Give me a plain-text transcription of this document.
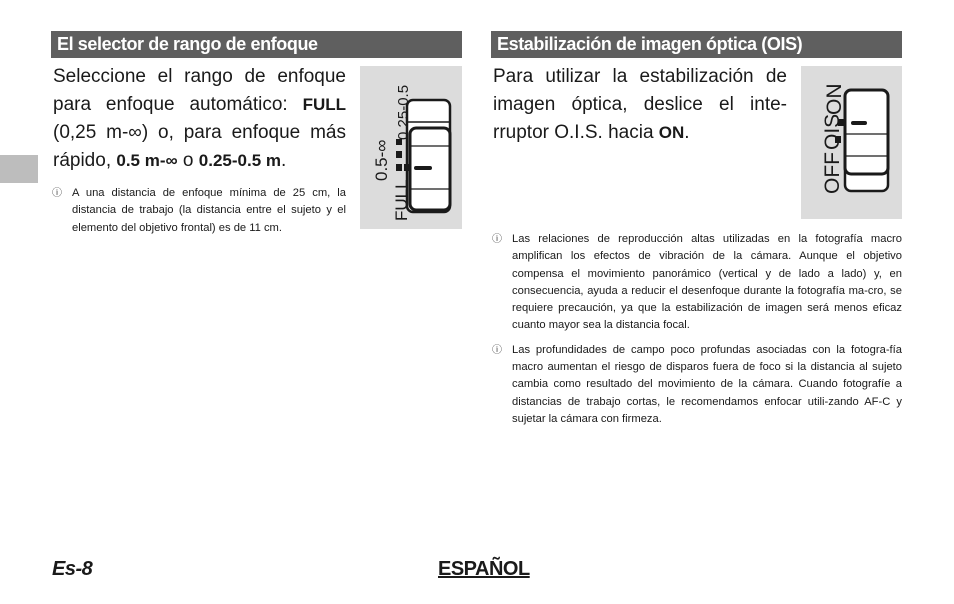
El selector de rango de enfoque

Seleccione el rango de enfoque para enfoque automático: FULL (0,25 m-∞) o, para enfoque más rápido, 0.5 m-∞ o 0.25-0.5 m.

ⓘ A una distancia de enfoque mínima de 25 cm, la distancia de trabajo (la distancia entre el sujeto y el elemento del objetivo frontal) es de 11 cm.
FULL
0.5-∞
0.25-0.5
Estabilización de imagen óptica (OIS)

Para utilizar la estabilización de imagen óptica, deslice el inte-rruptor O.I.S. hacia ON.

OFF
OIS
ON
ⓘ Las relaciones de reproducción altas utilizadas en la fotografía macro amplifican los efectos de vibración de la cámara. Aunque el objetivo compensa el movimiento panorámico (vertical y de lado a lado) y, en consecuencia, ayuda a reducir el desenfoque durante la fotografía ma-cro, se requiere precaución, ya que la estabilización de imagen será menos eficaz cuanto mayor sea la distancia focal.
ⓘ Las profundidades de campo poco profundas asociadas con la fotogra-fía macro aumentan el riesgo de disparos fuera de foco si la distancia al sujeto cambia como resultado del movimiento de la cámara. Cuando fotografíe a distancias de trabajo cortas, le recomendamos enfocar utili-zando AF-C y sujetar la cámara con firmeza.
Es-8	ESPAÑOL
